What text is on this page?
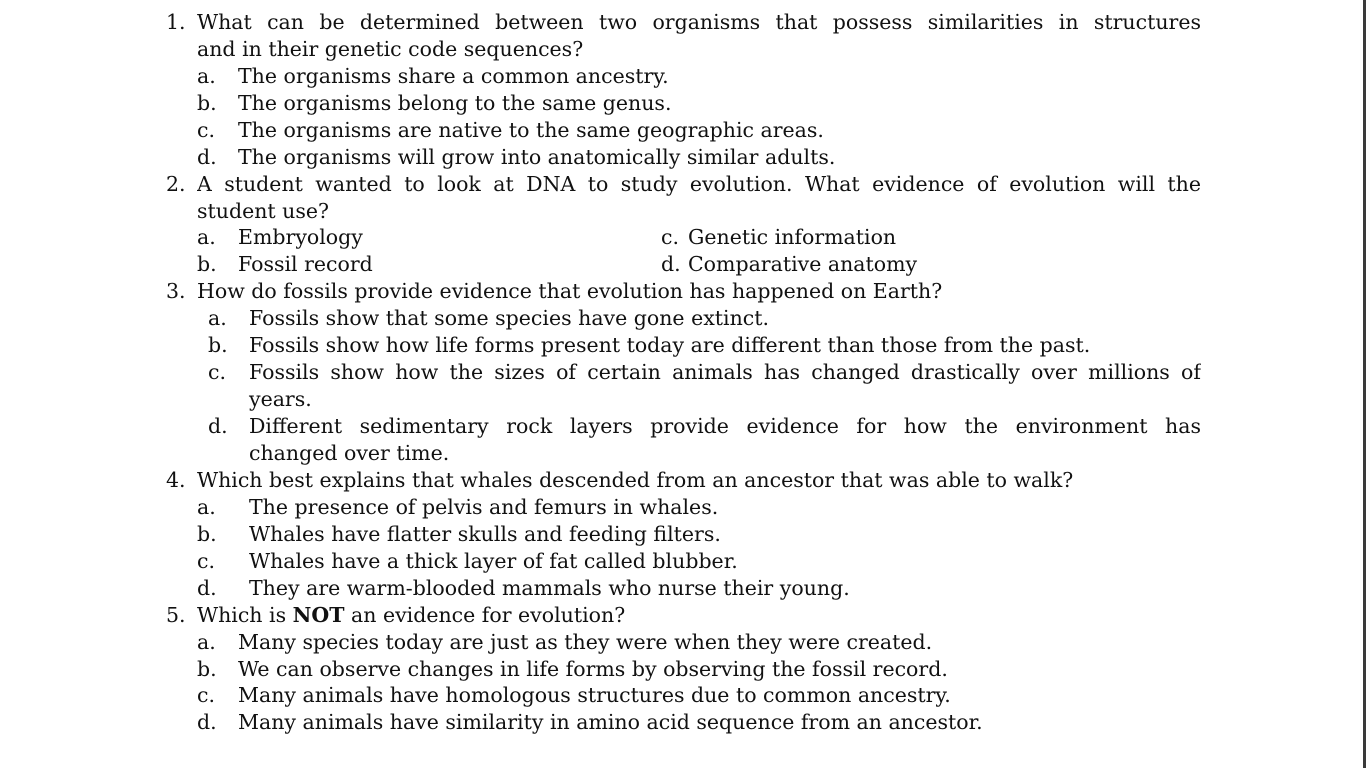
1. What can be determined between two organisms that possess similarities in structures
and in their genetic code sequences?
a. The organisms share a common ancestry.
b. The organisms belong to the same genus.
c. The organisms are native to the same geographic areas.
d. The organisms will grow into anatomically similar adults.
2. A student wanted to look at DNA to study evolution. What evidence of evolution will the
student use?
a. Embryology
b. Fossil record
c. Genetic information
d. Comparative anatomy
3. How do fossils provide evidence that evolution has happened on Earth?
a. Fossils show that some species have gone extinct.
b. Fossils show how life forms present today are different than those from the past.
c. Fossils show how the sizes of certain animals has changed drastically over millions of
years.
d. Different sedimentary rock layers provide evidence for how the environment has
changed over time.
4. Which best explains that whales descended from an ancestor that was able to walk?
a. The presence of pelvis and femurs in whales.
b. Whales have flatter skulls and feeding filters.
c. Whales have a thick layer of fat called blubber.
d. They are warm-blooded mammals who nurse their young.
5. Which is NOT an evidence for evolution?
a. Many species today are just as they were when they were created.
b. We can observe changes in life forms by observing the fossil record.
c. Many animals have homologous structures due to common ancestry.
d. Many animals have similarity in amino acid sequence from an ancestor.
